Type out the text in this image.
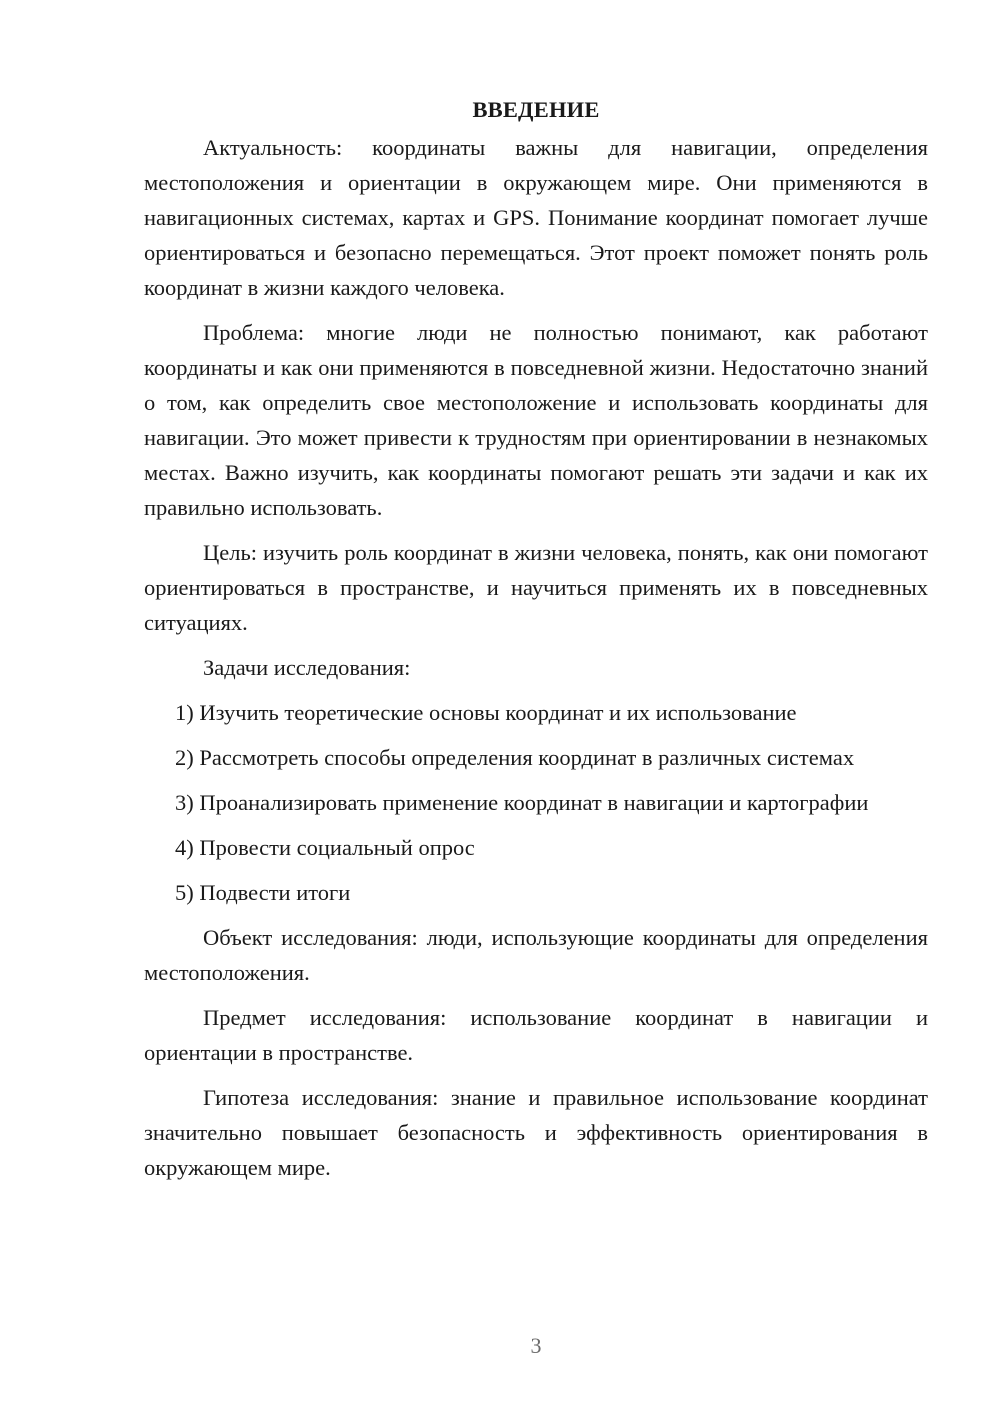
ВВЕДЕНИЕ

Актуальность: координаты важны для навигации, определения местоположения и ориентации в окружающем мире. Они применяются в навигационных системах, картах и GPS. Понимание координат помогает лучше ориентироваться и безопасно перемещаться. Этот проект поможет понять роль координат в жизни каждого человека.

Проблема: многие люди не полностью понимают, как работают координаты и как они применяются в повседневной жизни. Недостаточно знаний о том, как определить свое местоположение и использовать координаты для навигации. Это может привести к трудностям при ориентировании в незнакомых местах. Важно изучить, как координаты помогают решать эти задачи и как их правильно использовать.

Цель: изучить роль координат в жизни человека, понять, как они помогают ориентироваться в пространстве, и научиться применять их в повседневных ситуациях.

Задачи исследования:

1) Изучить теоретические основы координат и их использование

2) Рассмотреть способы определения координат в различных системах

3) Проанализировать применение координат в навигации и картографии

4) Провести социальный опрос

5) Подвести итоги

Объект исследования: люди, использующие координаты для определения местоположения.

Предмет исследования: использование координат в навигации и ориентации в пространстве.

Гипотеза исследования: знание и правильное использование координат значительно повышает безопасность и эффективность ориентирования в окружающем мире.

3
